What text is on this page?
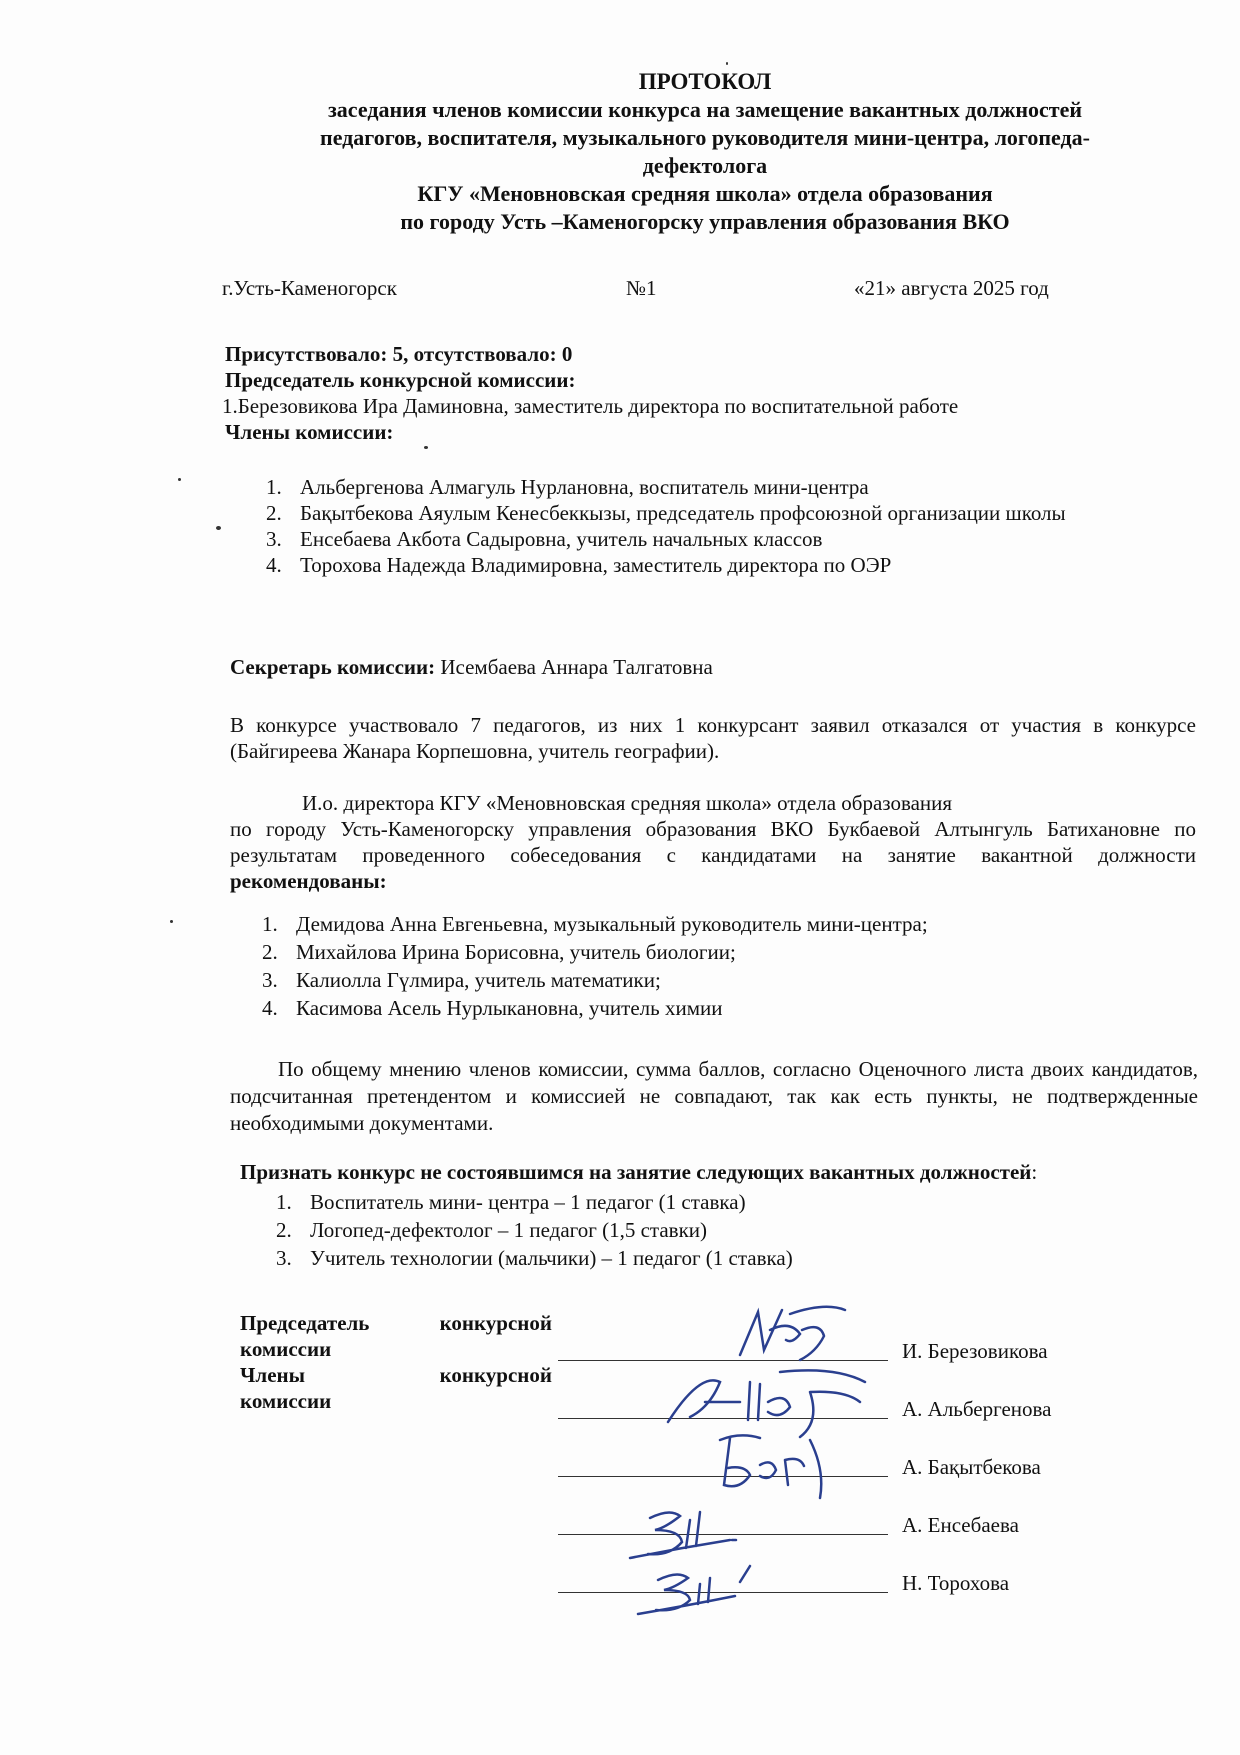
ПРОТОКОЛ
заседания членов комиссии конкурса на замещение вакантных должностей
педагогов, воспитателя, музыкального руководителя мини-центра, логопеда-
дефектолога
КГУ «Меновновская средняя школа» отдела образования
по городу Усть –Каменогорску управления образования ВКО
г.Усть-Каменогорск	№1	«21» августа 2025 год
Присутствовало: 5, отсутствовало: 0
Председатель конкурсной комиссии:
1.Березовикова Ира Даминовна, заместитель директора по воспитательной работе
Члены комиссии:
1. Альбергенова Алмагуль Нурлановна, воспитатель мини-центра
2. Бақытбекова Аяулым Кенесбеккызы, председатель профсоюзной организации школы
3. Енсебаева Акбота Садыровна, учитель начальных классов
4. Торохова Надежда Владимировна, заместитель директора по ОЭР
Секретарь комиссии: Исембаева Аннара Талгатовна
В конкурсе участвовало 7 педагогов, из них 1 конкурсант заявил отказался от участия в конкурсе (Байгиреева Жанара Корпешовна, учитель географии).
И.о. директора КГУ «Меновновская средняя школа» отдела образования
по городу Усть-Каменогорску управления образования ВКО Букбаевой Алтынгуль Батихановне по результатам проведенного собеседования с кандидатами на занятие вакантной должности рекомендованы:
1. Демидова Анна Евгеньевна, музыкальный руководитель мини-центра;
2. Михайлова Ирина Борисовна, учитель биологии;
3. Калиолла Гүлмира, учитель математики;
4. Касимова Асель Нурлыкановна, учитель химии
По общему мнению членов комиссии, сумма баллов, согласно Оценочного листа двоих кандидатов, подсчитанная претендентом и комиссией не совпадают, так как есть пункты, не подтвержденные необходимыми документами.
Признать конкурс не состоявшимся на занятие следующих вакантных должностей:
1. Воспитатель мини- центра – 1 педагог (1 ставка)
2. Логопед-дефектолог – 1 педагог (1,5 ставки)
3. Учитель технологии (мальчики) – 1 педагог (1 ставка)
Председатель	конкурсной
комиссии
Члены	конкурсной
комиссии
И. Березовикова
А. Альбергенова
А. Бақытбекова
А. Енсебаева
Н. Торохова
